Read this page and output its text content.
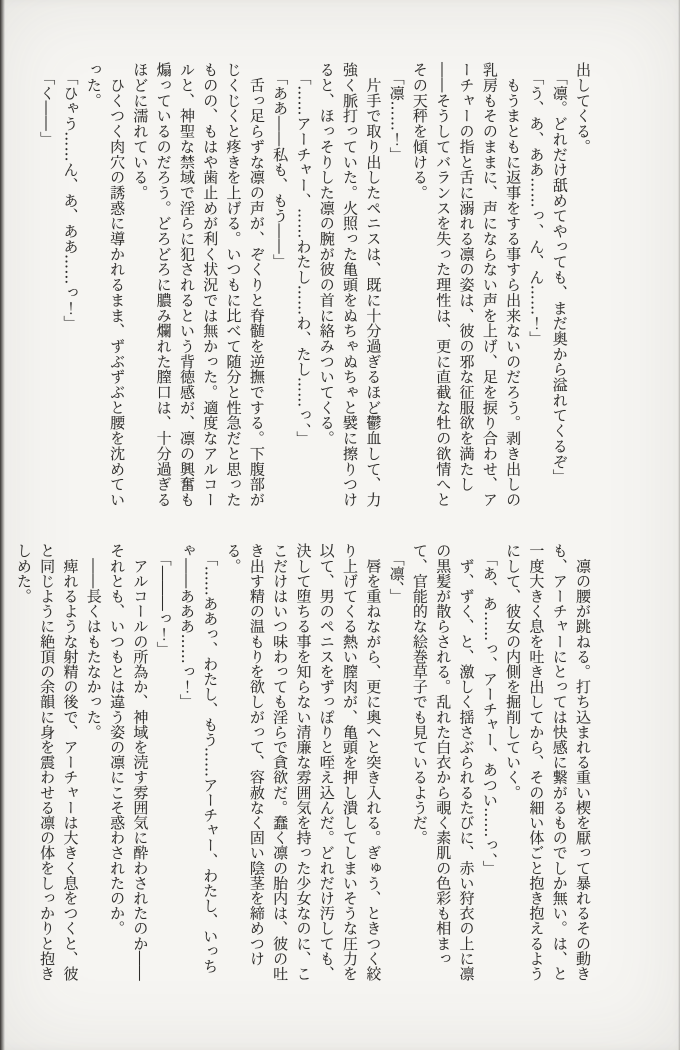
出してくる。

　「凛。どれだけ舐めてやっても、まだ奥から溢れてくるぞ」

　「う、あ、ああ……っ、ん、ん……！」

　もうまともに返事をする事すら出来ないのだろう。剥き出しの乳房もそのままに、声にならない声を上げ、足を捩り合わせ、アーチャーの指と舌に溺れる凛の姿は、彼の邪な征服欲を満たし――そうしてバランスを失った理性は、更に直截な牡の欲情へとその天秤を傾ける。

　「凛……！」

　片手で取り出したペニスは、既に十分過ぎるほど鬱血して、力強く脈打っていた。火照った亀頭をぬちゃぬちゃと襞に擦りつけると、ほっそりした凛の腕が彼の首に絡みついてくる。

　「……アーチャー、……わたし……わ、たし……っ、」

　「ああ――私も、もう――」

　舌っ足らずな凛の声が、ぞくりと脊髄を逆撫でする。下腹部がじくじくと疼きを上げる。いつもに比べて随分と性急だと思ったものの、もはや歯止めが利く状況では無かった。適度なアルコールと、神聖な禁域で淫らに犯されるという背徳感が、凛の興奮も煽っているのだろう。どろどろに膿み爛れた膣口は、十分過ぎるほどに濡れている。

　ひくつく肉穴の誘惑に導かれるまま、ずぶずぶと腰を沈めていった。

　「ひゃう……ん、あ、ああ……っ！」

　「く――」

　凛の腰が跳ねる。打ち込まれる重い楔を厭って暴れるその動きも、アーチャーにとっては快感に繋がるものでしか無い。は、と一度大きく息を吐き出してから、その細い体ごと抱き抱えるようにして、彼女の内側を掘削していく。

　「あ、あ……っ、アーチャー、あつい……っ、」

　ず、ずく、と、激しく揺さぶられるたびに、赤い狩衣の上に凛の黒髪が散らされる。乱れた白衣から覗く素肌の色彩も相まって、官能的な絵巻草子でも見ているようだ。

　「凛、」

　唇を重ねながら、更に奥へと突き入れる。ぎゅう、ときつく絞り上げてくる熱い膣肉が、亀頭を押し潰してしまいそうな圧力を以て、男のペニスをずっぽりと咥え込んだ。どれだけ汚しても、決して堕ちる事を知らない清廉な雰囲気を持った少女なのに、ここだけはいつ味わっても淫らで貪欲だ。蠢く凛の胎内は、彼の吐き出す精の温もりを欲しがって、容赦なく固い陰茎を締めつける。

　「……ああっ、わたし、もう……アーチャー、わたし、いっちゃ――あああ……っ！」

　「―――っ！」

　アルコールの所為か、神域を涜す雰囲気に酔わされたのか――それとも、いつもとは違う姿の凛にこそ惑わされたのか。

　――長くはもたなかった。

　痺れるような射精の後で、アーチャーは大きく息をつくと、彼と同じように絶頂の余韻に身を震わせる凛の体をしっかりと抱きしめた。
